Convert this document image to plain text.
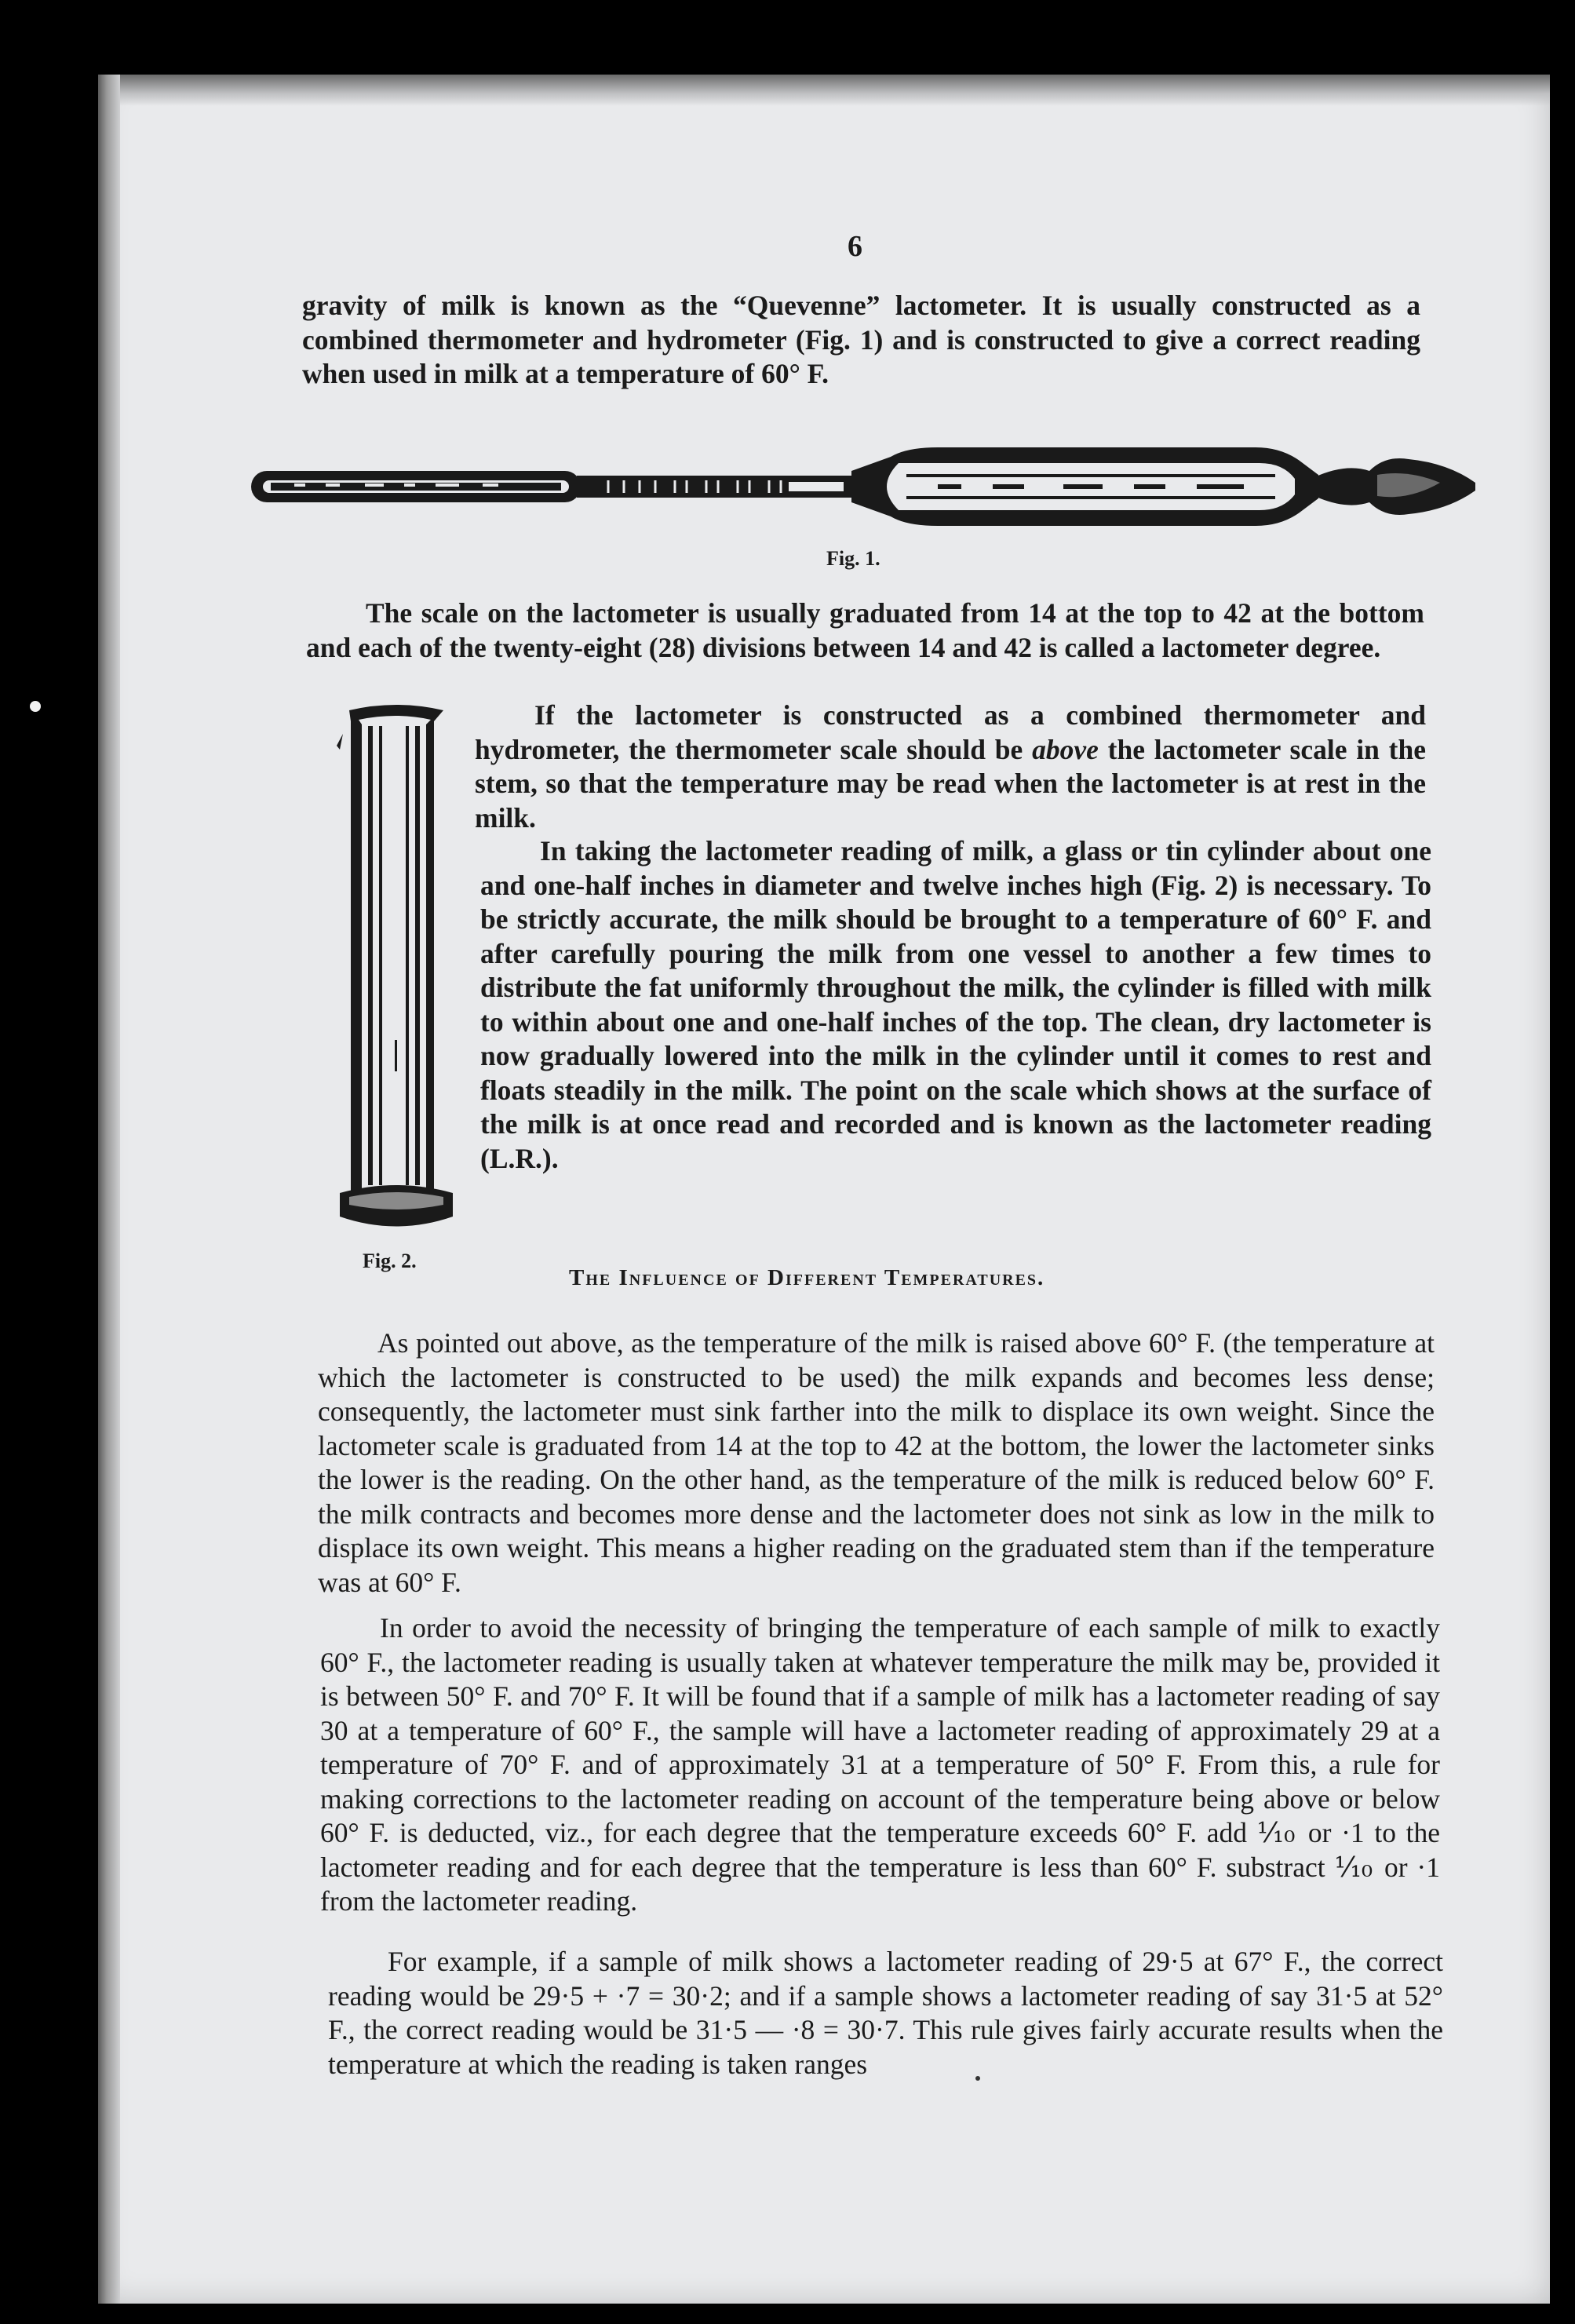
6

gravity of milk is known as the “Quevenne” lactometer. It is usually constructed as a combined thermometer and hydrometer (Fig. 1) and is constructed to give a correct reading when used in milk at a temperature of 60° F.

Fig. 1.

The scale on the lactometer is usually graduated from 14 at the top to 42 at the bottom and each of the twenty-eight (28) divisions between 14 and 42 is called a lactometer degree.

If the lactometer is constructed as a combined thermometer and hydrometer, the thermometer scale should be above the lactometer scale in the stem, so that the temperature may be read when the lactometer is at rest in the milk.

In taking the lactometer reading of milk, a glass or tin cylinder about one and one-half inches in diameter and twelve inches high (Fig. 2) is necessary. To be strictly accurate, the milk should be brought to a temperature of 60° F. and after carefully pouring the milk from one vessel to another a few times to distribute the fat uniformly throughout the milk, the cylinder is filled with milk to within about one and one-half inches of the top. The clean, dry lactometer is now gradually lowered into the milk in the cylinder until it comes to rest and floats steadily in the milk. The point on the scale which shows at the surface of the milk is at once read and recorded and is known as the lactometer reading (L.R.).

Fig. 2.
The Influence of Different Temperatures.

As pointed out above, as the temperature of the milk is raised above 60° F. (the temperature at which the lactometer is constructed to be used) the milk expands and becomes less dense; consequently, the lactometer must sink farther into the milk to displace its own weight. Since the lactometer scale is graduated from 14 at the top to 42 at the bottom, the lower the lactometer sinks the lower is the reading. On the other hand, as the temperature of the milk is reduced below 60° F. the milk contracts and becomes more dense and the lactometer does not sink as low in the milk to displace its own weight. This means a higher reading on the graduated stem than if the temperature was at 60° F.

In order to avoid the necessity of bringing the temperature of each sample of milk to exactly 60° F., the lactometer reading is usually taken at whatever temperature the milk may be, provided it is between 50° F. and 70° F. It will be found that if a sample of milk has a lactometer reading of say 30 at a temperature of 60° F., the sample will have a lactometer reading of approximately 29 at a temperature of 70° F. and of approximately 31 at a temperature of 50° F. From this, a rule for making corrections to the lactometer reading on account of the temperature being above or below 60° F. is deducted, viz., for each degree that the temperature exceeds 60° F. add ⅒ or ·1 to the lactometer reading and for each degree that the temperature is less than 60° F. substract ⅒ or ·1 from the lactometer reading.

For example, if a sample of milk shows a lactometer reading of 29·5 at 67° F., the correct reading would be 29·5 + ·7 = 30·2; and if a sample shows a lactometer reading of say 31·5 at 52° F., the correct reading would be 31·5 — ·8 = 30·7. This rule gives fairly accurate results when the temperature at which the reading is taken ranges
